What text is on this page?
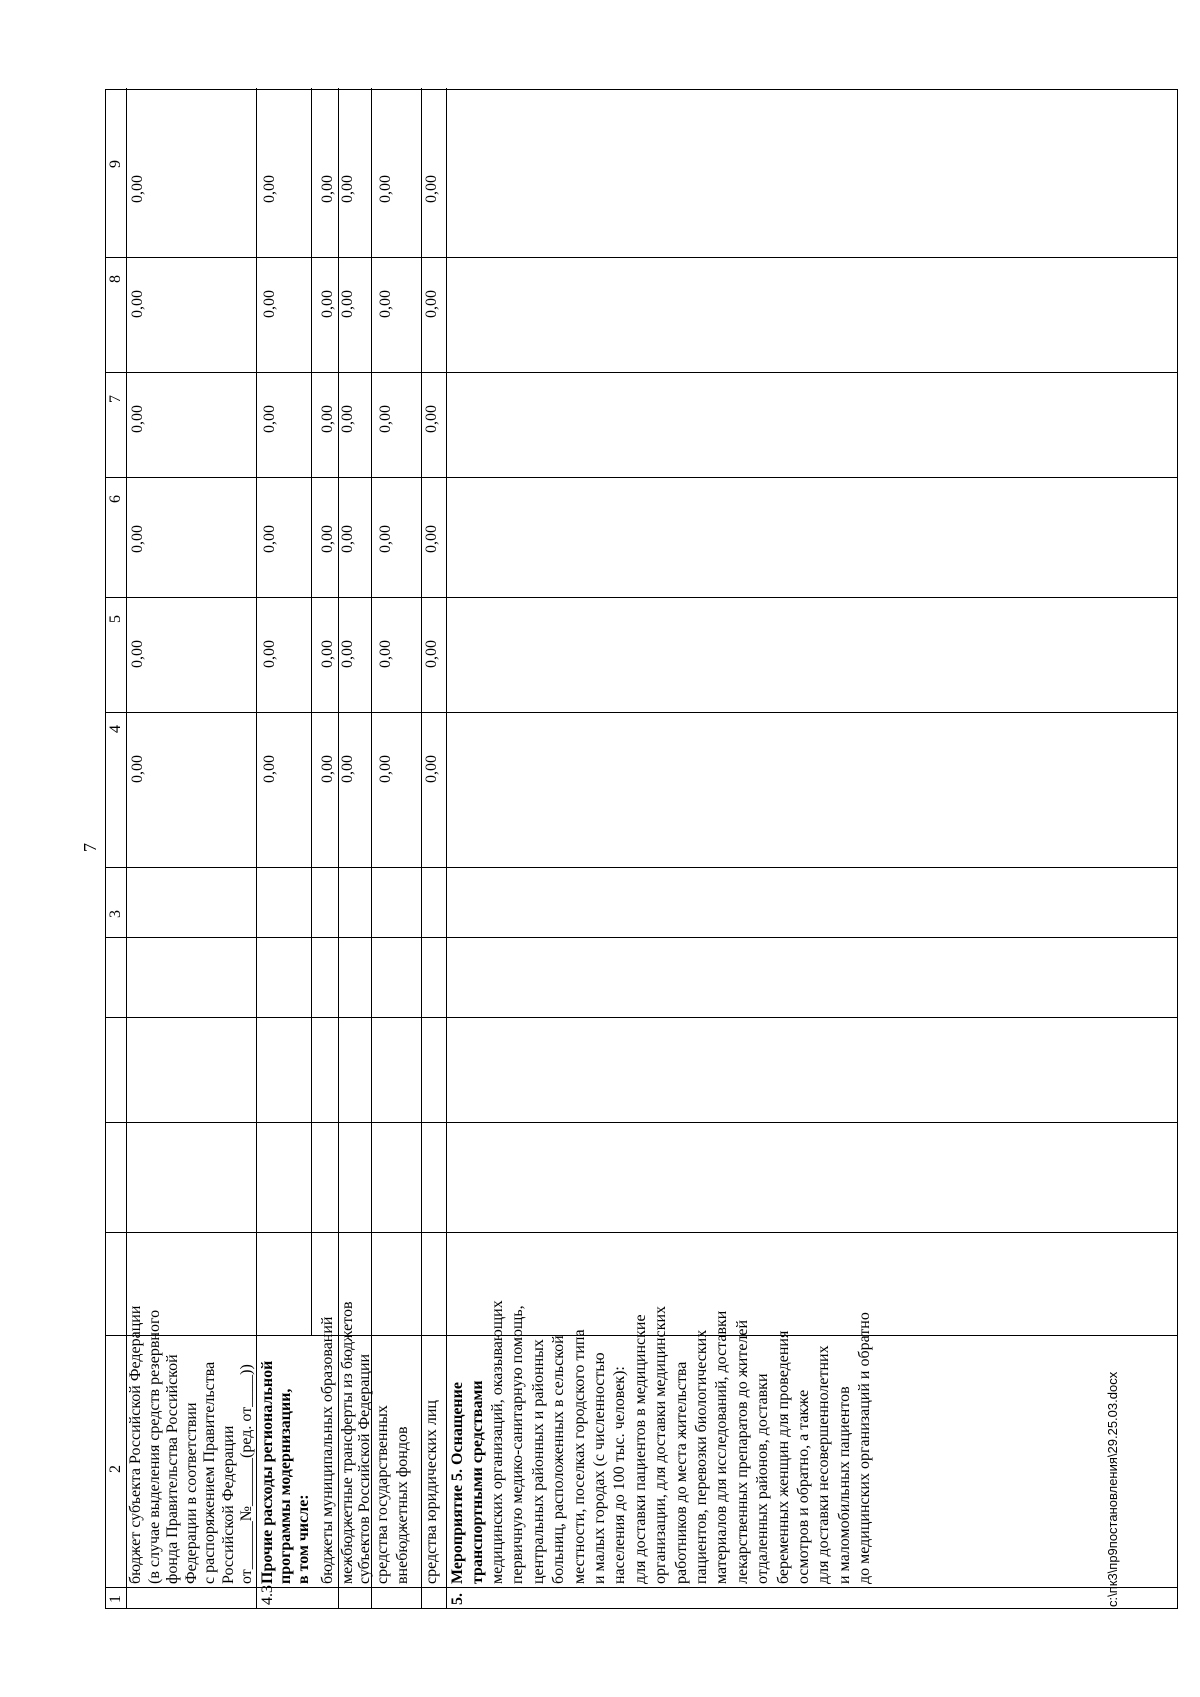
7
1
2
3
4
5
6
7
8
9
бюджет субъекта Российской Федерации (в случае выделения средств резервного фонда Правительства Российской Федерации в соответствии с распоряжением Правительства Российской Федерации от______№______(ред. от____))
0,00
0,00
0,00
0,00
0,00
0,00
4.3
Прочие расходы региональной программы модернизации, в том числе:
0,00
0,00
0,00
0,00
0,00
0,00
бюджеты муниципальных образований
0,00
0,00
0,00
0,00
0,00
0,00
межбюджетные трансферты из бюджетов субъектов Российской Федерации
0,00
0,00
0,00
0,00
0,00
0,00
средства государственных внебюджетных фондов
0,00
0,00
0,00
0,00
0,00
0,00
средства юридических лиц
0,00
0,00
0,00
0,00
0,00
0,00
5.
Мероприятие 5. Оснащение транспортными средствами медицинских организаций, оказывающих первичную медико-санитарную помощь, центральных районных и районных больниц, расположенных в сельской местности, поселках городского типа и малых городах (с численностью населения до 100 тыс. человек): для доставки пациентов в медицинские организации, для доставки медицинских работников до места жительства пациентов, перевозки биологических материалов для исследований, доставки лекарственных препаратов до жителей отдаленных районов, доставки беременных женщин для проведения осмотров и обратно, а также для доставки несовершеннолетних и маломобильных пациентов до медицинских организаций и обратно	c:\пк3\пр9постановления\29.25.03.docx
